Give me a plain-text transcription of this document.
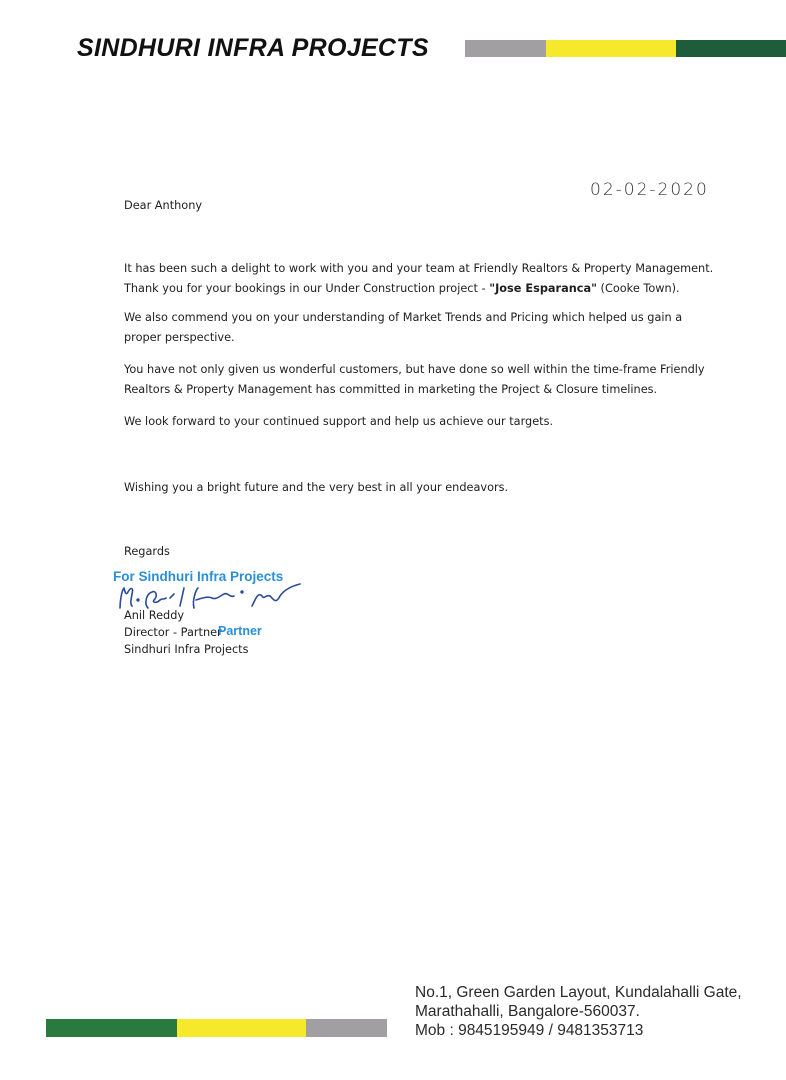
SINDHURI INFRA PROJECTS
02-02-2020
Dear Anthony
It has been such a delight to work with you and your team at Friendly Realtors & Property Management.
Thank you for your bookings in our Under Construction project - "Jose Esparanca" (Cooke Town).
We also commend you on your understanding of Market Trends and Pricing which helped us gain a
proper perspective.
You have not only given us wonderful customers, but have done so well within the time-frame Friendly
Realtors & Property Management has committed in marketing the Project & Closure timelines.
We look forward to your continued support and help us achieve our targets.
Wishing you a bright future and the very best in all your endeavors.
Regards
For Sindhuri Infra Projects
Anil Reddy
Director - Partner
Partner
Sindhuri Infra Projects
No.1, Green Garden Layout, Kundalahalli Gate,
Marathahalli, Bangalore-560037.
Mob : 9845195949 / 9481353713
